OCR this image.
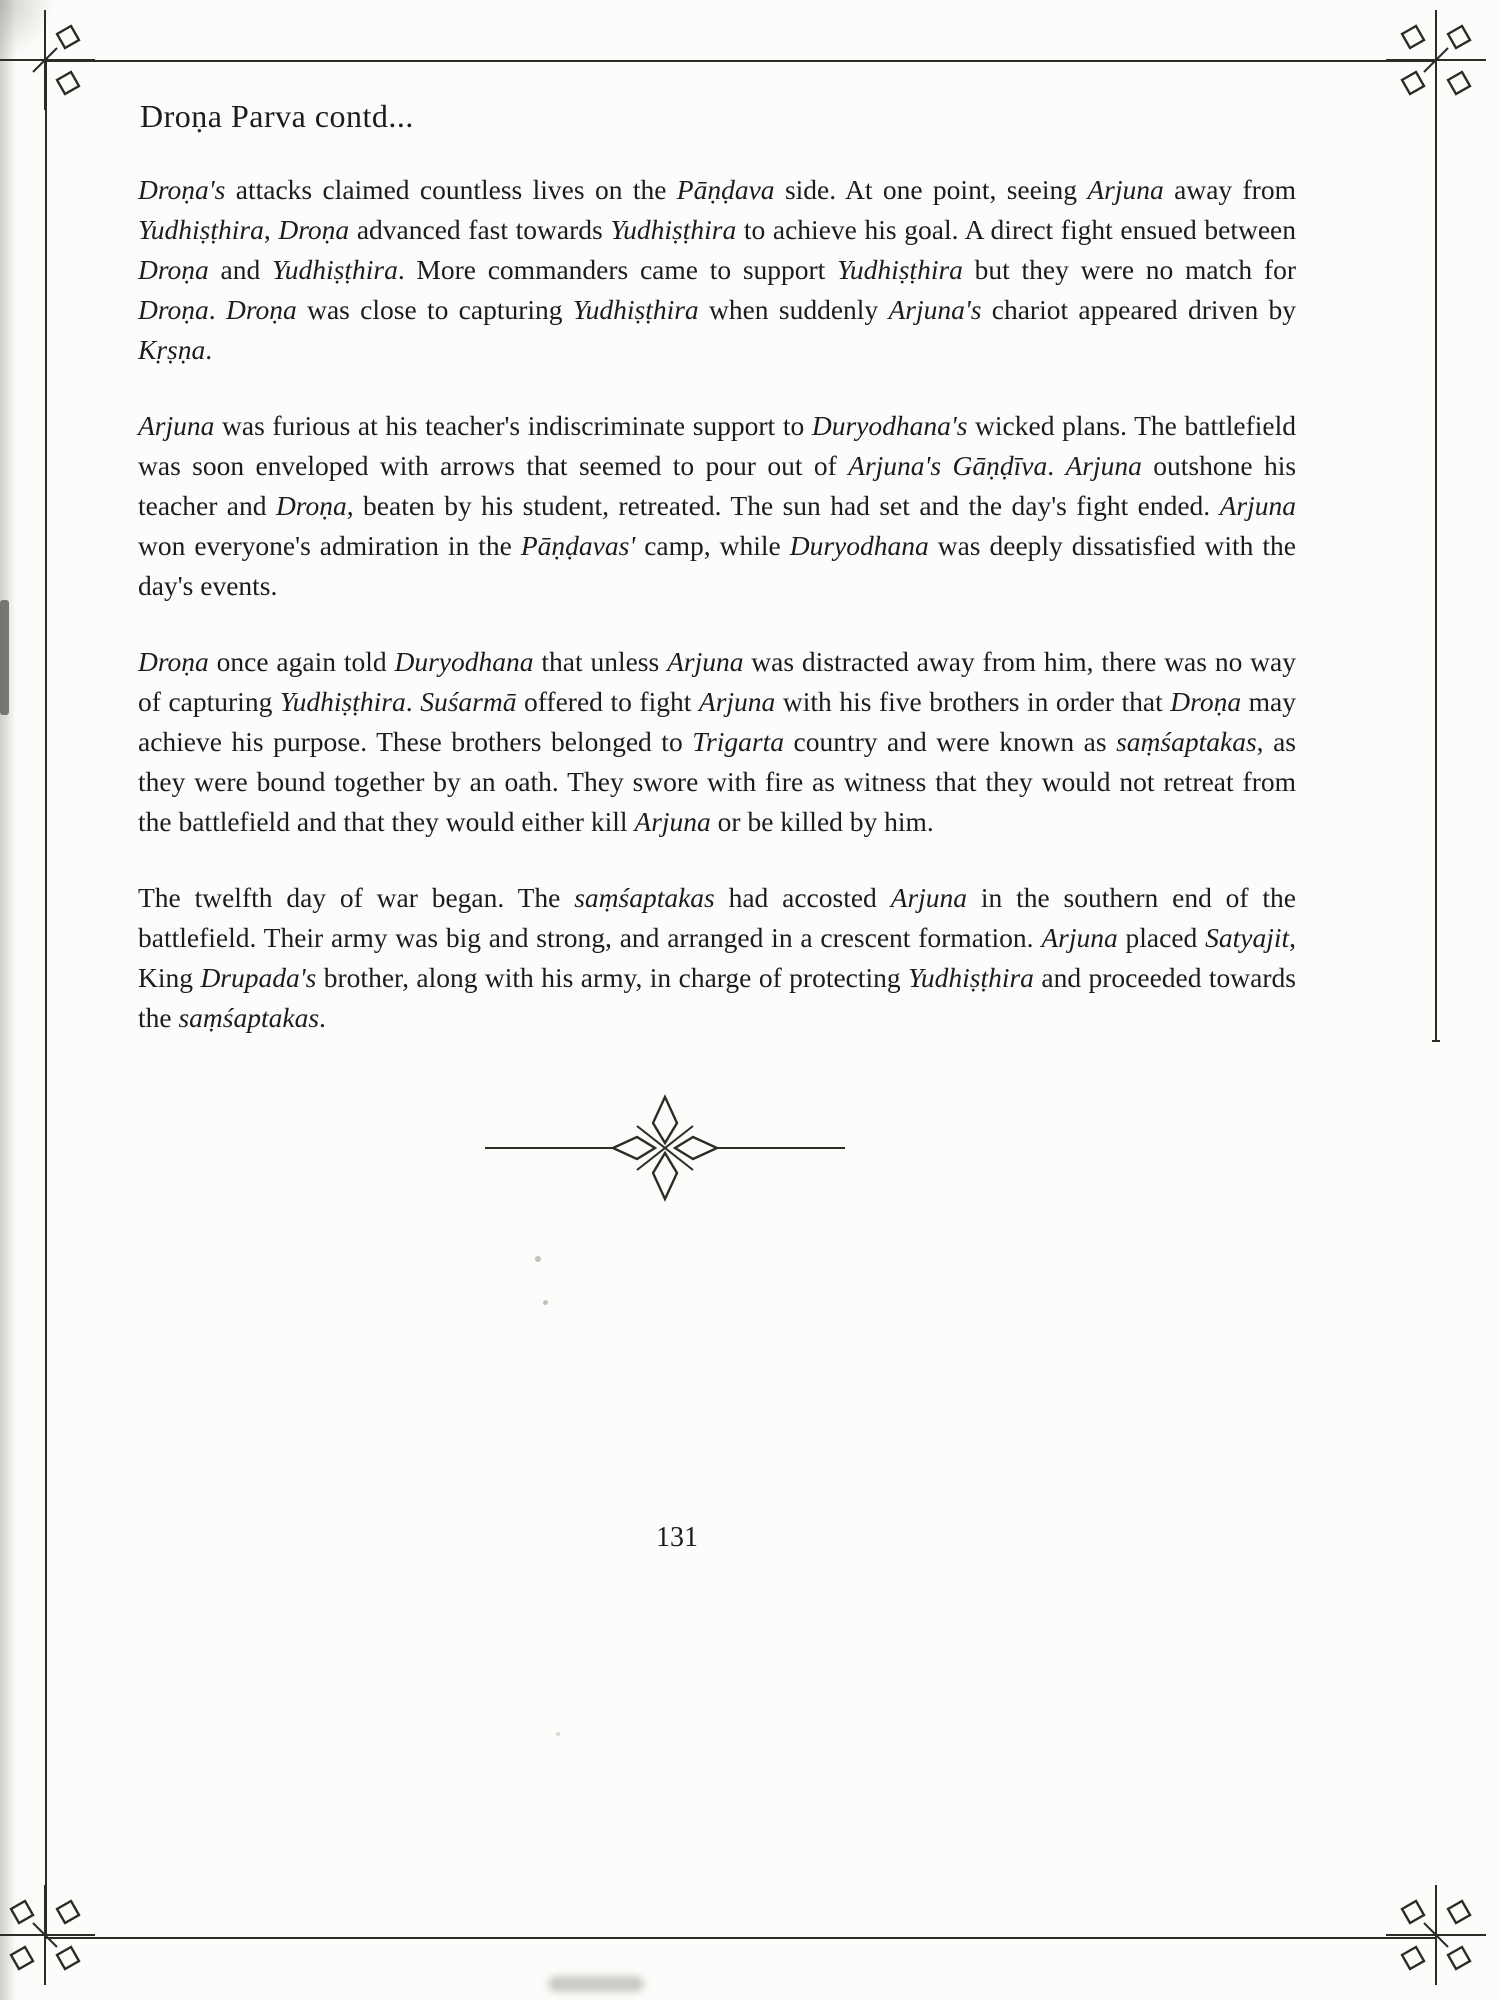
Droṇa Parva contd...

Droṇa's attacks claimed countless lives on the Pāṇḍava side. At one point, seeing Arjuna away from Yudhiṣṭhira, Droṇa advanced fast towards Yudhiṣṭhira to achieve his goal. A direct fight ensued between Droṇa and Yudhiṣṭhira. More commanders came to support Yudhiṣṭhira but they were no match for Droṇa. Droṇa was close to capturing Yudhiṣṭhira when suddenly Arjuna's chariot appeared driven by Kṛṣṇa.

Arjuna was furious at his teacher's indiscriminate support to Duryodhana's wicked plans. The battlefield was soon enveloped with arrows that seemed to pour out of Arjuna's Gāṇḍīva. Arjuna outshone his teacher and Droṇa, beaten by his student, retreated. The sun had set and the day's fight ended. Arjuna won everyone's admiration in the Pāṇḍavas' camp, while Duryodhana was deeply dissatisfied with the day's events.

Droṇa once again told Duryodhana that unless Arjuna was distracted away from him, there was no way of capturing Yudhiṣṭhira. Suśarmā offered to fight Arjuna with his five brothers in order that Droṇa may achieve his purpose. These brothers belonged to Trigarta country and were known as saṃśaptakas, as they were bound together by an oath. They swore with fire as witness that they would not retreat from the battlefield and that they would either kill Arjuna or be killed by him.

The twelfth day of war began. The saṃśaptakas had accosted Arjuna in the southern end of the battlefield. Their army was big and strong, and arranged in a crescent formation. Arjuna placed Satyajit, King Drupada's brother, along with his army, in charge of protecting Yudhiṣṭhira and proceeded towards the saṃśaptakas.

131
